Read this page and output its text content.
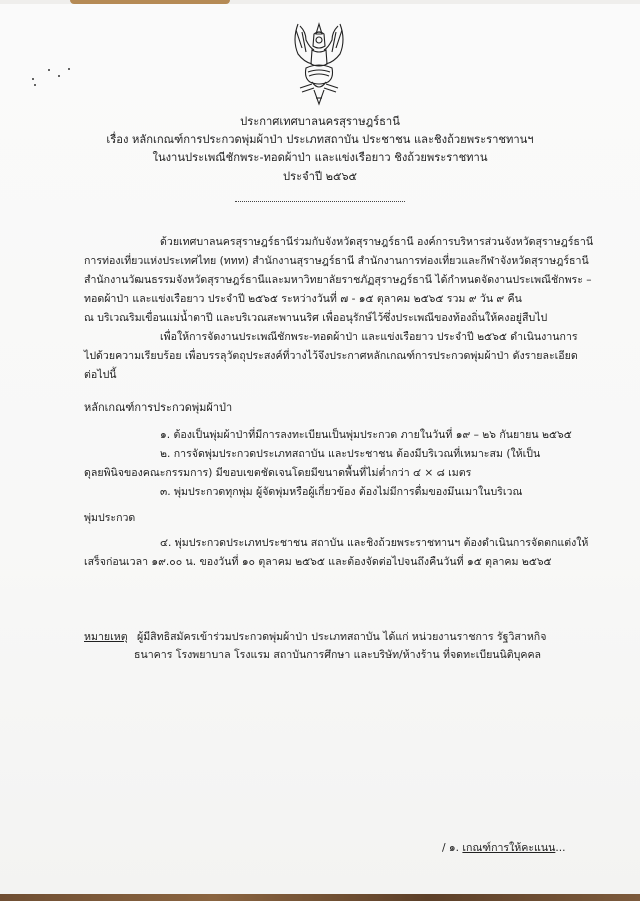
ประกาศเทศบาลนครสุราษฎร์ธานี
เรื่อง หลักเกณฑ์การประกวดพุ่มผ้าป่า ประเภทสถาบัน ประชาชน และชิงถ้วยพระราชทานฯ
ในงานประเพณีชักพระ-ทอดผ้าป่า และแข่งเรือยาว ชิงถ้วยพระราชทาน
ประจำปี ๒๕๖๕
ด้วยเทศบาลนครสุราษฎร์ธานีร่วมกับจังหวัดสุราษฎร์ธานี องค์การบริหารส่วนจังหวัดสุราษฎร์ธานี
การท่องเที่ยวแห่งประเทศไทย (ททท) สำนักงานสุราษฎร์ธานี สำนักงานการท่องเที่ยวและกีฬาจังหวัดสุราษฎร์ธานี
สำนักงานวัฒนธรรมจังหวัดสุราษฎร์ธานีและมหาวิทยาลัยราชภัฏสุราษฎร์ธานี ได้กำหนดจัดงานประเพณีชักพระ –
ทอดผ้าป่า และแข่งเรือยาว ประจำปี ๒๕๖๕ ระหว่างวันที่ ๗ - ๑๕ ตุลาคม ๒๕๖๕ รวม ๙ วัน ๙ คืน
ณ บริเวณริมเขื่อนแม่น้ำตาปี และบริเวณสะพานนริศ เพื่ออนุรักษ์ไว้ซึ่งประเพณีของท้องถิ่นให้คงอยู่สืบไป
เพื่อให้การจัดงานประเพณีชักพระ-ทอดผ้าป่า และแข่งเรือยาว ประจำปี ๒๕๖๕ ดำเนินงานการ
ไปด้วยความเรียบร้อย เพื่อบรรลุวัตถุประสงค์ที่วางไว้จึงประกาศหลักเกณฑ์การประกวดพุ่มผ้าป่า ดังรายละเอียด
ต่อไปนี้
หลักเกณฑ์การประกวดพุ่มผ้าป่า
๑. ต้องเป็นพุ่มผ้าป่าที่มีการลงทะเบียนเป็นพุ่มประกวด ภายในวันที่ ๑๙ – ๒๖ กันยายน ๒๕๖๕
๒. การจัดพุ่มประกวดประเภทสถาบัน และประชาชน ต้องมีบริเวณที่เหมาะสม (ให้เป็น
ดุลยพินิจของคณะกรรมการ) มีขอบเขตชัดเจนโดยมีขนาดพื้นที่ไม่ต่ำกว่า ๔ × ๘ เมตร
๓. พุ่มประกวดทุกพุ่ม ผู้จัดพุ่มหรือผู้เกี่ยวข้อง ต้องไม่มีการดื่มของมึนเมาในบริเวณ
พุ่มประกวด
๔. พุ่มประกวดประเภทประชาชน สถาบัน และชิงถ้วยพระราชทานฯ ต้องดำเนินการจัดตกแต่งให้
เสร็จก่อนเวลา ๑๙.๐๐ น. ของวันที่ ๑๐ ตุลาคม ๒๕๖๕ และต้องจัดต่อไปจนถึงคืนวันที่ ๑๕ ตุลาคม ๒๕๖๕
หมายเหตุ ผู้มีสิทธิสมัครเข้าร่วมประกวดพุ่มผ้าป่า ประเภทสถาบัน ได้แก่ หน่วยงานราชการ รัฐวิสาหกิจ
ธนาคาร โรงพยาบาล โรงแรม สถาบันการศึกษา และบริษัท/ห้างร้าน ที่จดทะเบียนนิติบุคคล
/ ๑. เกณฑ์การให้คะแนน...
